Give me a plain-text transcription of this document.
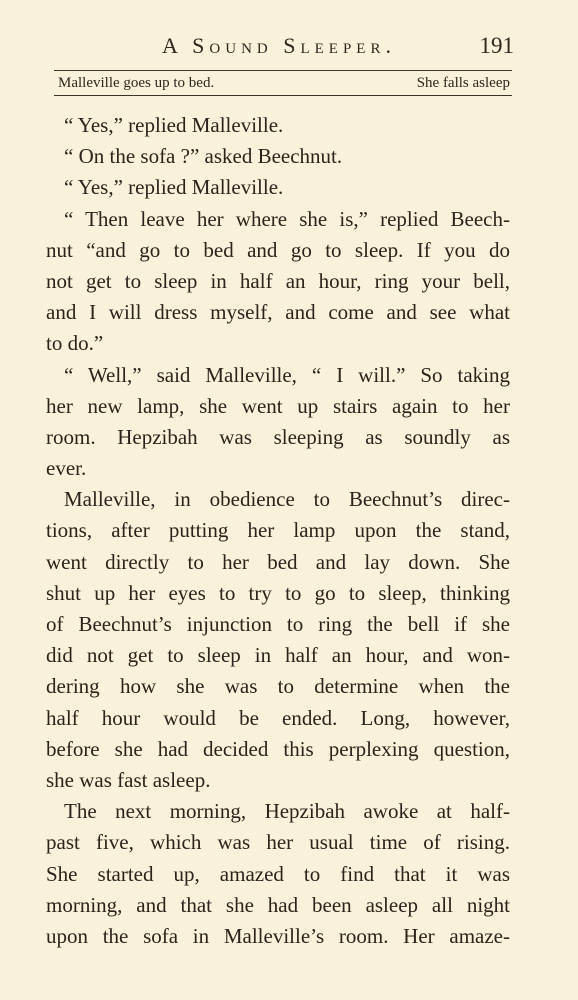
A Sound Sleeper.	191
Malleville goes up to bed.	She falls asleep
“ Yes,” replied Malleville.
“ On the sofa ?” asked Beechnut.
“ Yes,” replied Malleville.
“ Then leave her where she is,” replied Beech-
nut “and go to bed and go to sleep. If you do
not get to sleep in half an hour, ring your bell,
and I will dress myself, and come and see what
to do.”
“ Well,” said Malleville, “ I will.” So taking
her new lamp, she went up stairs again to her
room. Hepzibah was sleeping as soundly as
ever.
Malleville, in obedience to Beechnut’s direc-
tions, after putting her lamp upon the stand,
went directly to her bed and lay down. She
shut up her eyes to try to go to sleep, thinking
of Beechnut’s injunction to ring the bell if she
did not get to sleep in half an hour, and won-
dering how she was to determine when the
half hour would be ended. Long, however,
before she had decided this perplexing question,
she was fast asleep.
The next morning, Hepzibah awoke at half-
past five, which was her usual time of rising.
She started up, amazed to find that it was
morning, and that she had been asleep all night
upon the sofa in Malleville’s room. Her amaze-
